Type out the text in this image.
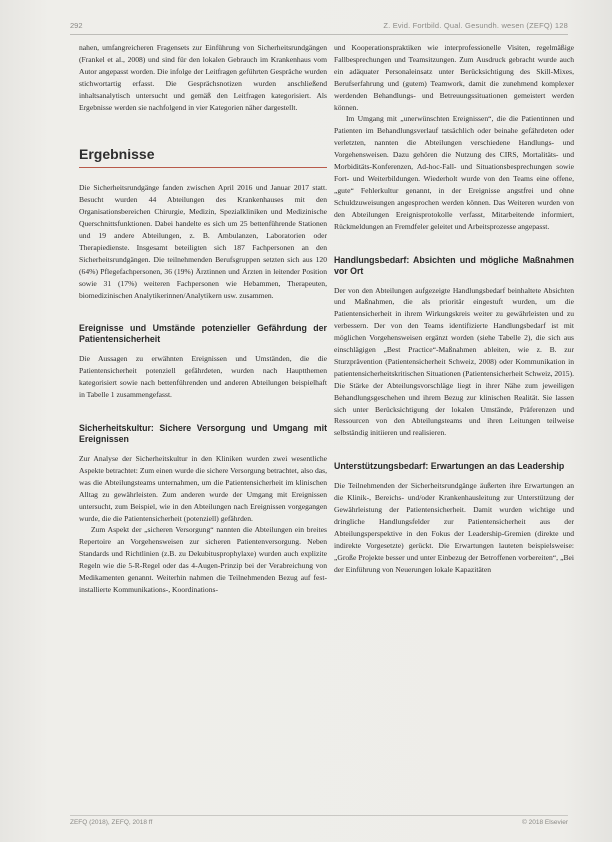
292	Z. Evid. Fortbild. Qual. Gesundh. wesen (ZEFQ) 128

nahen, umfangreicheren Fragensets zur Einführung von Sicherheitsrundgängen (Frankel et al., 2008) und sind für den lokalen Gebrauch im Krankenhaus vom Autor angepasst worden. Die infolge der Leitfragen geführten Gespräche wurden stichwortartig erfasst. Die Gesprächsnotizen wurden anschließend inhaltsanalytisch untersucht und gemäß den Leitfragen kategorisiert. Als Ergebnisse werden sie nachfolgend in vier Kategorien näher dargestellt.

Ergebnisse

Die Sicherheitsrundgänge fanden zwischen April 2016 und Januar 2017 statt. Besucht wurden 44 Abteilungen des Krankenhauses mit den Organisationsbereichen Chirurgie, Medizin, Spezialkliniken und Medizinische Querschnittsfunktionen. Dabei handelte es sich um 25 bettenführende Stationen und 19 andere Abteilungen, z. B. Ambulanzen, Laboratorien oder Therapiedienste. Insgesamt beteiligten sich 187 Fachpersonen an den Sicherheitsrundgängen. Die teilnehmenden Berufsgruppen setzten sich aus 120 (64%) Pflegefachpersonen, 36 (19%) Ärztinnen und Ärzten in leitender Position sowie 31 (17%) weiteren Fachpersonen wie Hebammen, Therapeuten, biomedizinischen Analytikerinnen/Analytikern usw. zusammen.

Ereignisse und Umstände potenzieller Gefährdung der Patientensicherheit

Die Aussagen zu erwähnten Ereignissen und Umständen, die die Patientensicherheit potenziell gefährdeten, wurden nach Hauptthemen kategorisiert sowie nach bettenführenden und anderen Abteilungen beispielhaft in Tabelle 1 zusammengefasst.

Sicherheitskultur: Sichere Versorgung und Umgang mit Ereignissen

Zur Analyse der Sicherheitskultur in den Kliniken wurden zwei wesentliche Aspekte betrachtet: Zum einen wurde die sichere Versorgung betrachtet, also das, was die Abteilungsteams unternahmen, um die Patientensicherheit im klinischen Alltag zu gewährleisten. Zum anderen wurde der Umgang mit Ereignissen untersucht, zum Beispiel, wie in den Abteilungen nach Ereignissen vorgegangen wurde, die die Patientensicherheit (potenziell) gefährden.

Zum Aspekt der „sicheren Versorgung“ nannten die Abteilungen ein breites Repertoire an Vorgehensweisen zur sicheren Patientenversorgung. Neben Standards und Richtlinien (z.B. zu Dekubitusprophylaxe) wurden auch explizite Regeln wie die 5-R-Regel oder das 4-Augen-Prinzip bei der Verabreichung von Medikamenten genannt. Weiterhin nahmen die Teilnehmenden Bezug auf fest-installierte Kommunikations-, Koordinations-

und Kooperationspraktiken wie interprofessionelle Visiten, regelmäßige Fallbesprechungen und Teamsitzungen. Zum Ausdruck gebracht wurde auch ein adäquater Personaleinsatz unter Berücksichtigung des Skill-Mixes, Berufserfahrung und (gutem) Teamwork, damit die zunehmend komplexer werdenden Behandlungs- und Betreuungssituationen gemeistert werden können.

Im Umgang mit „unerwünschten Ereignissen“, die die Patientinnen und Patienten im Behandlungsverlauf tatsächlich oder beinahe gefährdeten oder verletzten, nannten die Abteilungen verschiedene Handlungs- und Vorgehensweisen. Dazu gehören die Nutzung des CIRS, Mortalitäts- und Morbiditäts-Konferenzen, Ad-hoc-Fall- und Situationsbesprechungen sowie Fort- und Weiterbildungen. Wiederholt wurde von den Teams eine offene, „gute“ Fehlerkultur genannt, in der Ereignisse angstfrei und ohne Schuldzuweisungen angesprochen werden können. Das Weiteren wurden von den Abteilungen Ereignisprotokolle verfasst, Mitarbeitende informiert, Rückmeldungen an Fremdfeler geleitet und Arbeitsprozesse angepasst.

Handlungsbedarf: Absichten und mögliche Maßnahmen vor Ort

Der von den Abteilungen aufgezeigte Handlungsbedarf beinhaltete Absichten und Maßnahmen, die als prioritär eingestuft wurden, um die Patientensicherheit in ihrem Wirkungskreis weiter zu gewährleisten und zu verbessern. Der von den Teams identifizierte Handlungsbedarf ist mit möglichen Vorgehensweisen ergänzt worden (siehe Tabelle 2), die sich aus einschlägigen „Best Practice“-Maßnahmen ableiten, wie z. B. zur Sturzprävention (Patientensicherheit Schweiz, 2008) oder Kommunikation in patientensicherheitskritischen Situationen (Patientensicherheit Schweiz, 2015). Die Stärke der Abteilungsvorschläge liegt in ihrer Nähe zum jeweiligen Behandlungsgeschehen und ihrem Bezug zur klinischen Realität. Sie lassen sich unter Berücksichtigung der lokalen Umstände, Präferenzen und Ressourcen von den Abteilungsteams und ihren Leitungen teilweise selbständig initiieren und realisieren.

Unterstützungsbedarf: Erwartungen an das Leadership

Die Teilnehmenden der Sicherheitsrundgänge äußerten ihre Erwartungen an die Klinik-, Bereichs- und/oder Krankenhausleitung zur Unterstützung der Gewährleistung der Patientensicherheit. Damit wurden wichtige und dringliche Handlungsfelder zur Patientensicherheit aus der Abteilungsperspektive in den Fokus der Leadership-Gremien (direkte und indirekte Vorgesetzte) gerückt. Die Erwartungen lauteten beispielsweise: „Große Projekte besser und unter Einbezug der Betroffenen vorbereiten“, „Bei der Einführung von Neuerungen lokale Kapazitäten

ZEFQ (2018), ZEFQ, 2018 ff	© 2018 Elsevier
